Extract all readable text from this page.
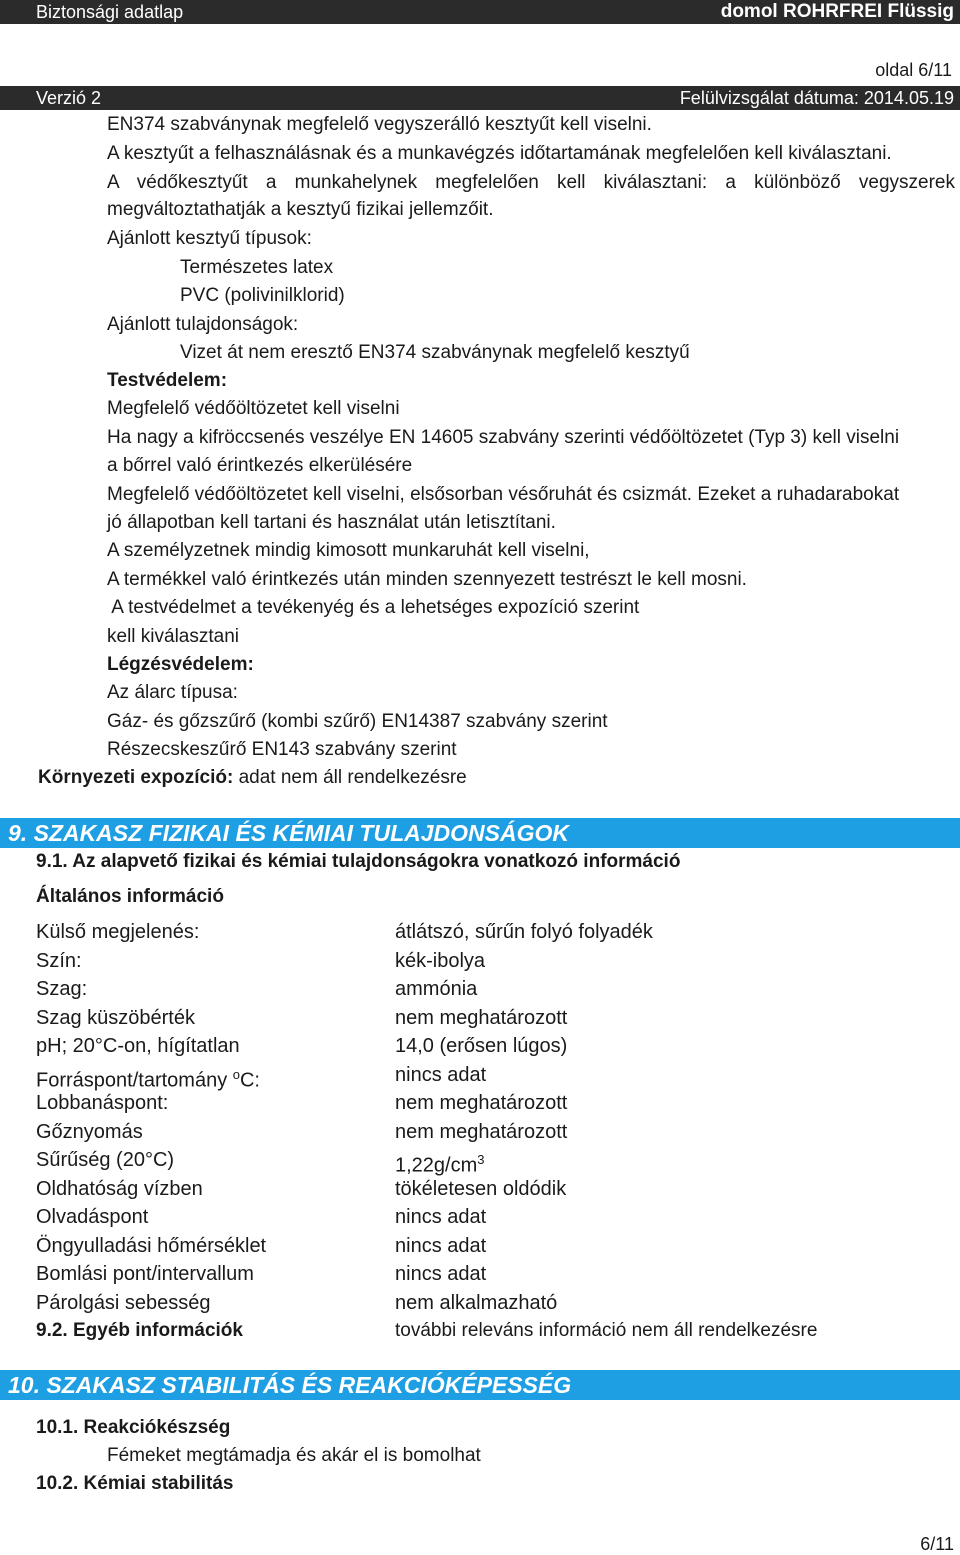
Biztonsági adatlap	domol ROHRFREI Flüssig
oldal 6/11
Verzió 2	Felülvizsgálat dátuma: 2014.05.19
EN374 szabványnak megfelelő vegyszerálló kesztyűt kell viselni.
A kesztyűt a felhasználásnak és a munkavégzés időtartamának megfelelően kell kiválasztani.
A védőkesztyűt a munkahelynek megfelelően kell kiválasztani: a különböző vegyszerek
megváltoztathatják a kesztyű fizikai jellemzőit.
Ajánlott kesztyű típusok:
Természetes latex
PVC (polivinilklorid)
Ajánlott tulajdonságok:
Vizet át nem eresztő EN374 szabványnak megfelelő kesztyű
Testvédelem:
Megfelelő védőöltözetet kell viselni
Ha nagy a kifröccsenés veszélye EN 14605 szabvány szerinti védőöltözetet (Typ 3) kell viselni
a bőrrel való érintkezés elkerülésére
Megfelelő védőöltözetet kell viselni, elsősorban vésőruhát és csizmát. Ezeket a ruhadarabokat
jó állapotban kell tartani és használat után letisztítani.
A személyzetnek mindig kimosott munkaruhát kell viselni,
A termékkel való érintkezés után minden szennyezett testrészt le kell mosni.
A testvédelmet a tevékenyég és a lehetséges expozíció szerint
kell kiválasztani
Légzésvédelem:
Az álarc típusa:
Gáz- és gőzszűrő (kombi szűrő) EN14387 szabvány szerint
Részecskeszűrő EN143 szabvány szerint
Környezeti expozíció: adat nem áll rendelkezésre
9. SZAKASZ FIZIKAI ÉS KÉMIAI TULAJDONSÁGOK
9.1. Az alapvető fizikai és kémiai tulajdonságokra vonatkozó információ
Általános információ
Külső megjelenés:	átlátszó, sűrűn folyó folyadék
Szín:	kék-ibolya
Szag:	ammónia
Szag küszöbérték	nem meghatározott
pH; 20°C-on, hígítatlan	14,0 (erősen lúgos)
Forráspont/tartomány $^o$C:	nincs adat
Lobbanáspont:	nem meghatározott
Gőznyomás	nem meghatározott
Sűrűség (20°C)	$1,22g/cm^3$
Oldhatóság vízben	tökéletesen oldódik
Olvadáspont	nincs adat
Öngyulladási hőmérséklet	nincs adat
Bomlási pont/intervallum	nincs adat
Párolgási sebesség	nem alkalmazható
9.2. Egyéb információk	további releváns információ nem áll rendelkezésre
10. SZAKASZ STABILITÁS ÉS REAKCIÓKÉPESSÉG
10.1. Reakciókészség
Fémeket megtámadja és akár el is bomolhat
10.2. Kémiai stabilitás
6/11
